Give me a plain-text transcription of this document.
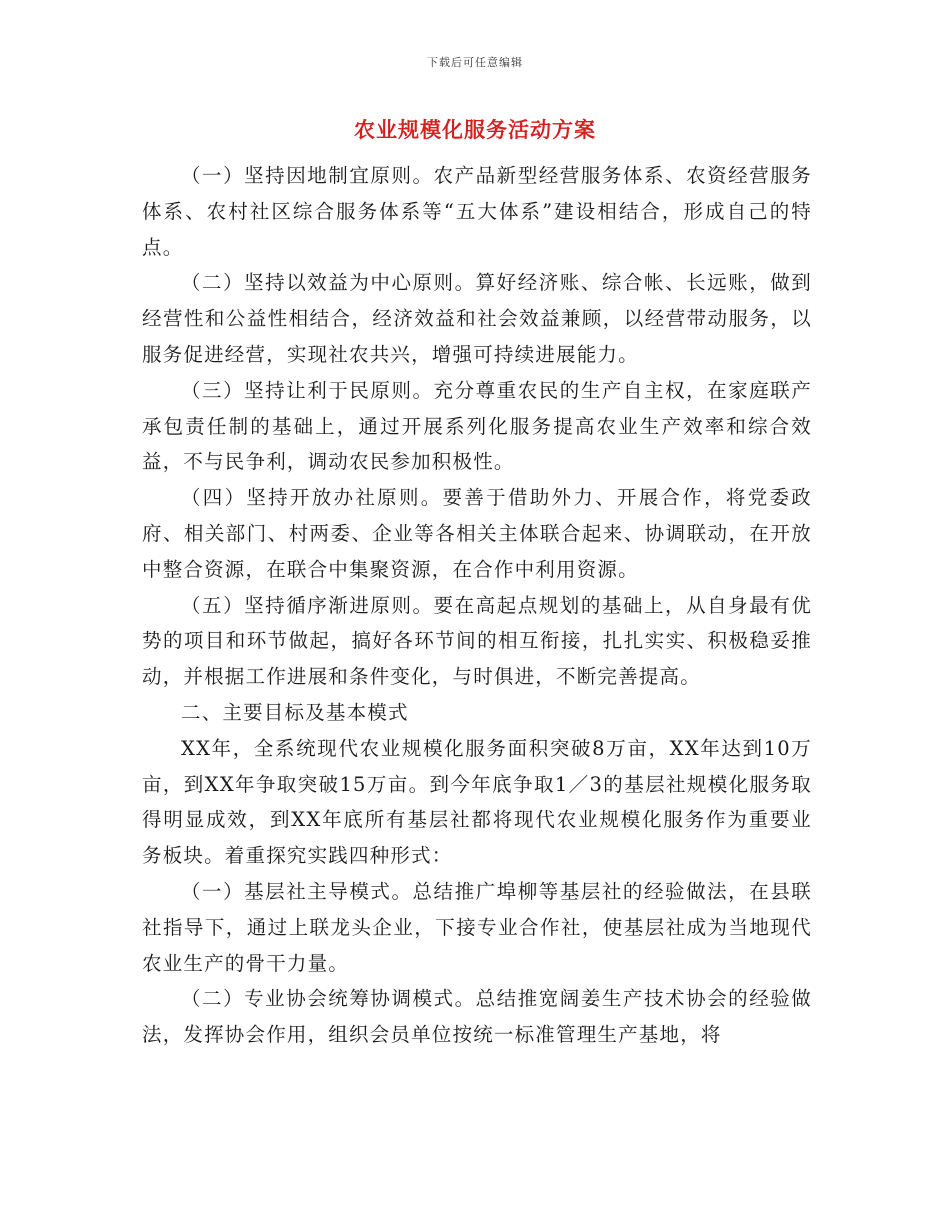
下载后可任意编辑
农业规模化服务活动方案

（一）坚持因地制宜原则。农产品新型经营服务体系、农资经营服务体系、农村社区综合服务体系等“五大体系”建设相结合，形成自己的特点。

（二）坚持以效益为中心原则。算好经济账、综合帐、长远账，做到经营性和公益性相结合，经济效益和社会效益兼顾，以经营带动服务，以服务促进经营，实现社农共兴，增强可持续进展能力。

（三）坚持让利于民原则。充分尊重农民的生产自主权，在家庭联产承包责任制的基础上，通过开展系列化服务提高农业生产效率和综合效益，不与民争利，调动农民参加积极性。

（四）坚持开放办社原则。要善于借助外力、开展合作，将党委政府、相关部门、村两委、企业等各相关主体联合起来、协调联动，在开放中整合资源，在联合中集聚资源，在合作中利用资源。

（五）坚持循序渐进原则。要在高起点规划的基础上，从自身最有优势的项目和环节做起，搞好各环节间的相互衔接，扎扎实实、积极稳妥推动，并根据工作进展和条件变化，与时俱进，不断完善提高。

二、主要目标及基本模式

XX年，全系统现代农业规模化服务面积突破8万亩，XX年达到10万亩，到XX年争取突破15万亩。到今年底争取1／3的基层社规模化服务取得明显成效，到XX年底所有基层社都将现代农业规模化服务作为重要业务板块。着重探究实践四种形式：

（一）基层社主导模式。总结推广埠柳等基层社的经验做法，在县联社指导下，通过上联龙头企业，下接专业合作社，使基层社成为当地现代农业生产的骨干力量。

（二）专业协会统筹协调模式。总结推宽阔姜生产技术协会的经验做法，发挥协会作用，组织会员单位按统一标准管理生产基地，将
